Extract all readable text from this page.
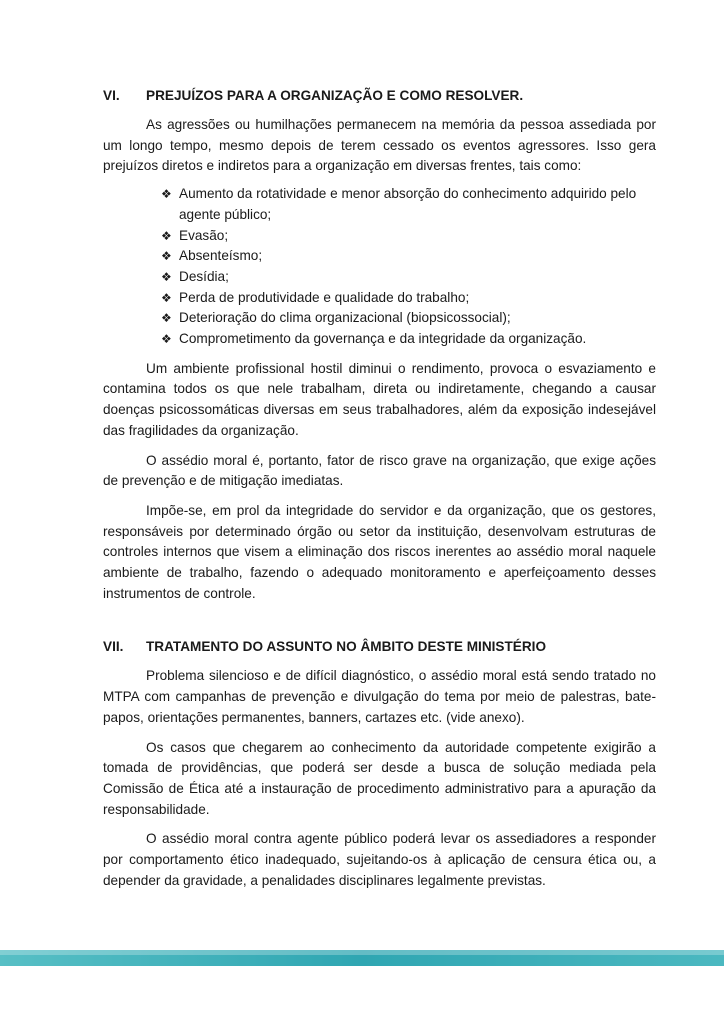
VI.	PREJUÍZOS PARA A ORGANIZAÇÃO E COMO RESOLVER.

As agressões ou humilhações permanecem na memória da pessoa assediada por um longo tempo, mesmo depois de terem cessado os eventos agressores. Isso gera prejuízos diretos e indiretos para a organização em diversas frentes, tais como:

❖ Aumento da rotatividade e menor absorção do conhecimento adquirido pelo agente público;
❖ Evasão;
❖ Absenteísmo;
❖ Desídia;
❖ Perda de produtividade e qualidade do trabalho;
❖ Deterioração do clima organizacional (biopsicossocial);
❖ Comprometimento da governança e da integridade da organização.

Um ambiente profissional hostil diminui o rendimento, provoca o esvaziamento e contamina todos os que nele trabalham, direta ou indiretamente, chegando a causar doenças psicossomáticas diversas em seus trabalhadores, além da exposição indesejável das fragilidades da organização.

O assédio moral é, portanto, fator de risco grave na organização, que exige ações de prevenção e de mitigação imediatas.

Impõe-se, em prol da integridade do servidor e da organização, que os gestores, responsáveis por determinado órgão ou setor da instituição, desenvolvam estruturas de controles internos que visem a eliminação dos riscos inerentes ao assédio moral naquele ambiente de trabalho, fazendo o adequado monitoramento e aperfeiçoamento desses instrumentos de controle.

VII.	TRATAMENTO DO ASSUNTO NO ÂMBITO DESTE MINISTÉRIO

Problema silencioso e de difícil diagnóstico, o assédio moral está sendo tratado no MTPA com campanhas de prevenção e divulgação do tema por meio de palestras, bate-papos, orientações permanentes, banners, cartazes etc. (vide anexo).

Os casos que chegarem ao conhecimento da autoridade competente exigirão a tomada de providências, que poderá ser desde a busca de solução mediada pela Comissão de Ética até a instauração de procedimento administrativo para a apuração da responsabilidade.

O assédio moral contra agente público poderá levar os assediadores a responder por comportamento ético inadequado, sujeitando-os à aplicação de censura ética ou, a depender da gravidade, a penalidades disciplinares legalmente previstas.
